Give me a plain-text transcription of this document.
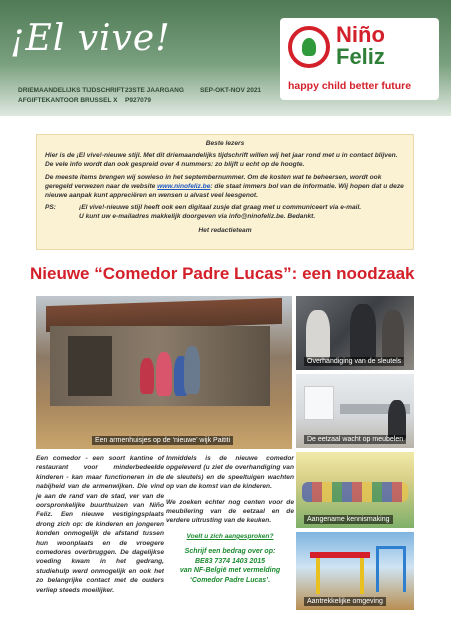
¡El vive!
DRIEMAANDELIJKS TIJDSCHRIFT
AFGIFTEKANTOOR BRUSSEL X
23STE JAARGANG
P927079
SEP-OKT-NOV 2021
Niño
Feliz
happy child better future
Beste lezers

Hier is de ¡El vive!-nieuwe stijl. Met dit driemaandelijks tijdschrift willen wij het jaar rond met u in contact blijven. De vele info wordt dan ook gespreid over 4 nummers: zo blijft u echt op de hoogte.

De meeste items brengen wij sowieso in het septembernummer. Om de kosten wat te beheersen, wordt ook geregeld verwezen naar de website www.ninofeliz.be: die staat immers bol van de informatie. Wij hopen dat u deze nieuwe aanpak kunt appreciëren en wensen u alvast veel leesgenot.

PS:	¡El vive!-nieuwe stijl heeft ook een digitaal zusje dat graag met u communiceert via e-mail.
U kunt uw e-mailadres makkelijk doorgeven via info@ninofeliz.be. Bedankt.
Het redactieteam
Nieuwe “Comedor Padre Lucas”: een noodzaak
Een armenhuisjes op de ‘nieuwe’ wijk Paititi
Overhandiging van de sleutels
De eetzaal wacht op meubelen
Aangename kennismaking
Aantrekkelijke omgeving

Een comedor - een soort kantine of restaurant voor minderbedeelde kinderen - kan maar functioneren in de nabijheid van de armenwijken. Die vind je aan de rand van de stad, ver van de oorspronkelijke buurthuizen van Niño Feliz. Een nieuwe vestigingsplaats drong zich op: de kinderen en jongeren konden onmogelijk de afstand tussen hun woonplaats en de vroegere comedores overbruggen. De dagelijkse voeding kwam in het gedrang, studiehulp werd onmogelijk en ook het zo belangrijke contact met de ouders verliep steeds moeilijker.

Inmiddels is de nieuwe comedor opgeleverd (u ziet de overhandiging van de sleutels) en de speeltuigen wachten op van de komst van de kinderen.

We zoeken echter nog centen voor de meubilering van de eetzaal en de verdere uitrusting van de keuken.

Voelt u zich aangesproken?

Schrijf een bedrag over op:
BE83 7374 1403 2015
van NF-België met vermelding
‘Comedor Padre Lucas’.
